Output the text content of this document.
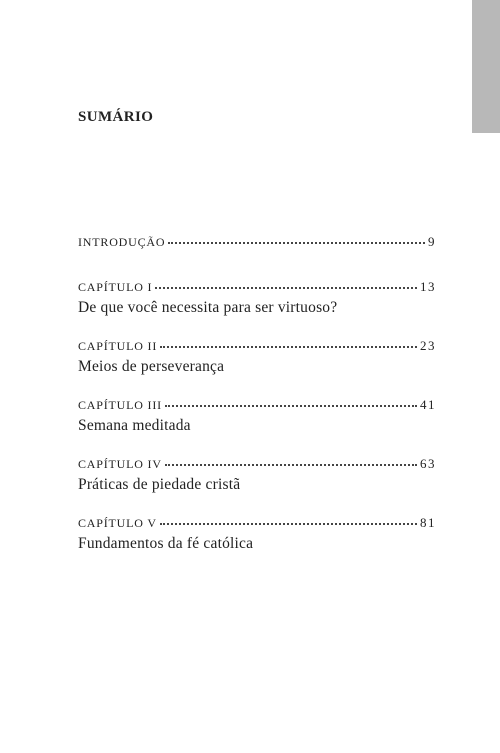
SUMÁRIO
INTRODUÇÃO	9
CAPÍTULO I	13
De que você necessita para ser virtuoso?
CAPÍTULO II	23
Meios de perseverança
CAPÍTULO III	41
Semana meditada
CAPÍTULO IV	63
Práticas de piedade cristã
CAPÍTULO V	81
Fundamentos da fé católica
